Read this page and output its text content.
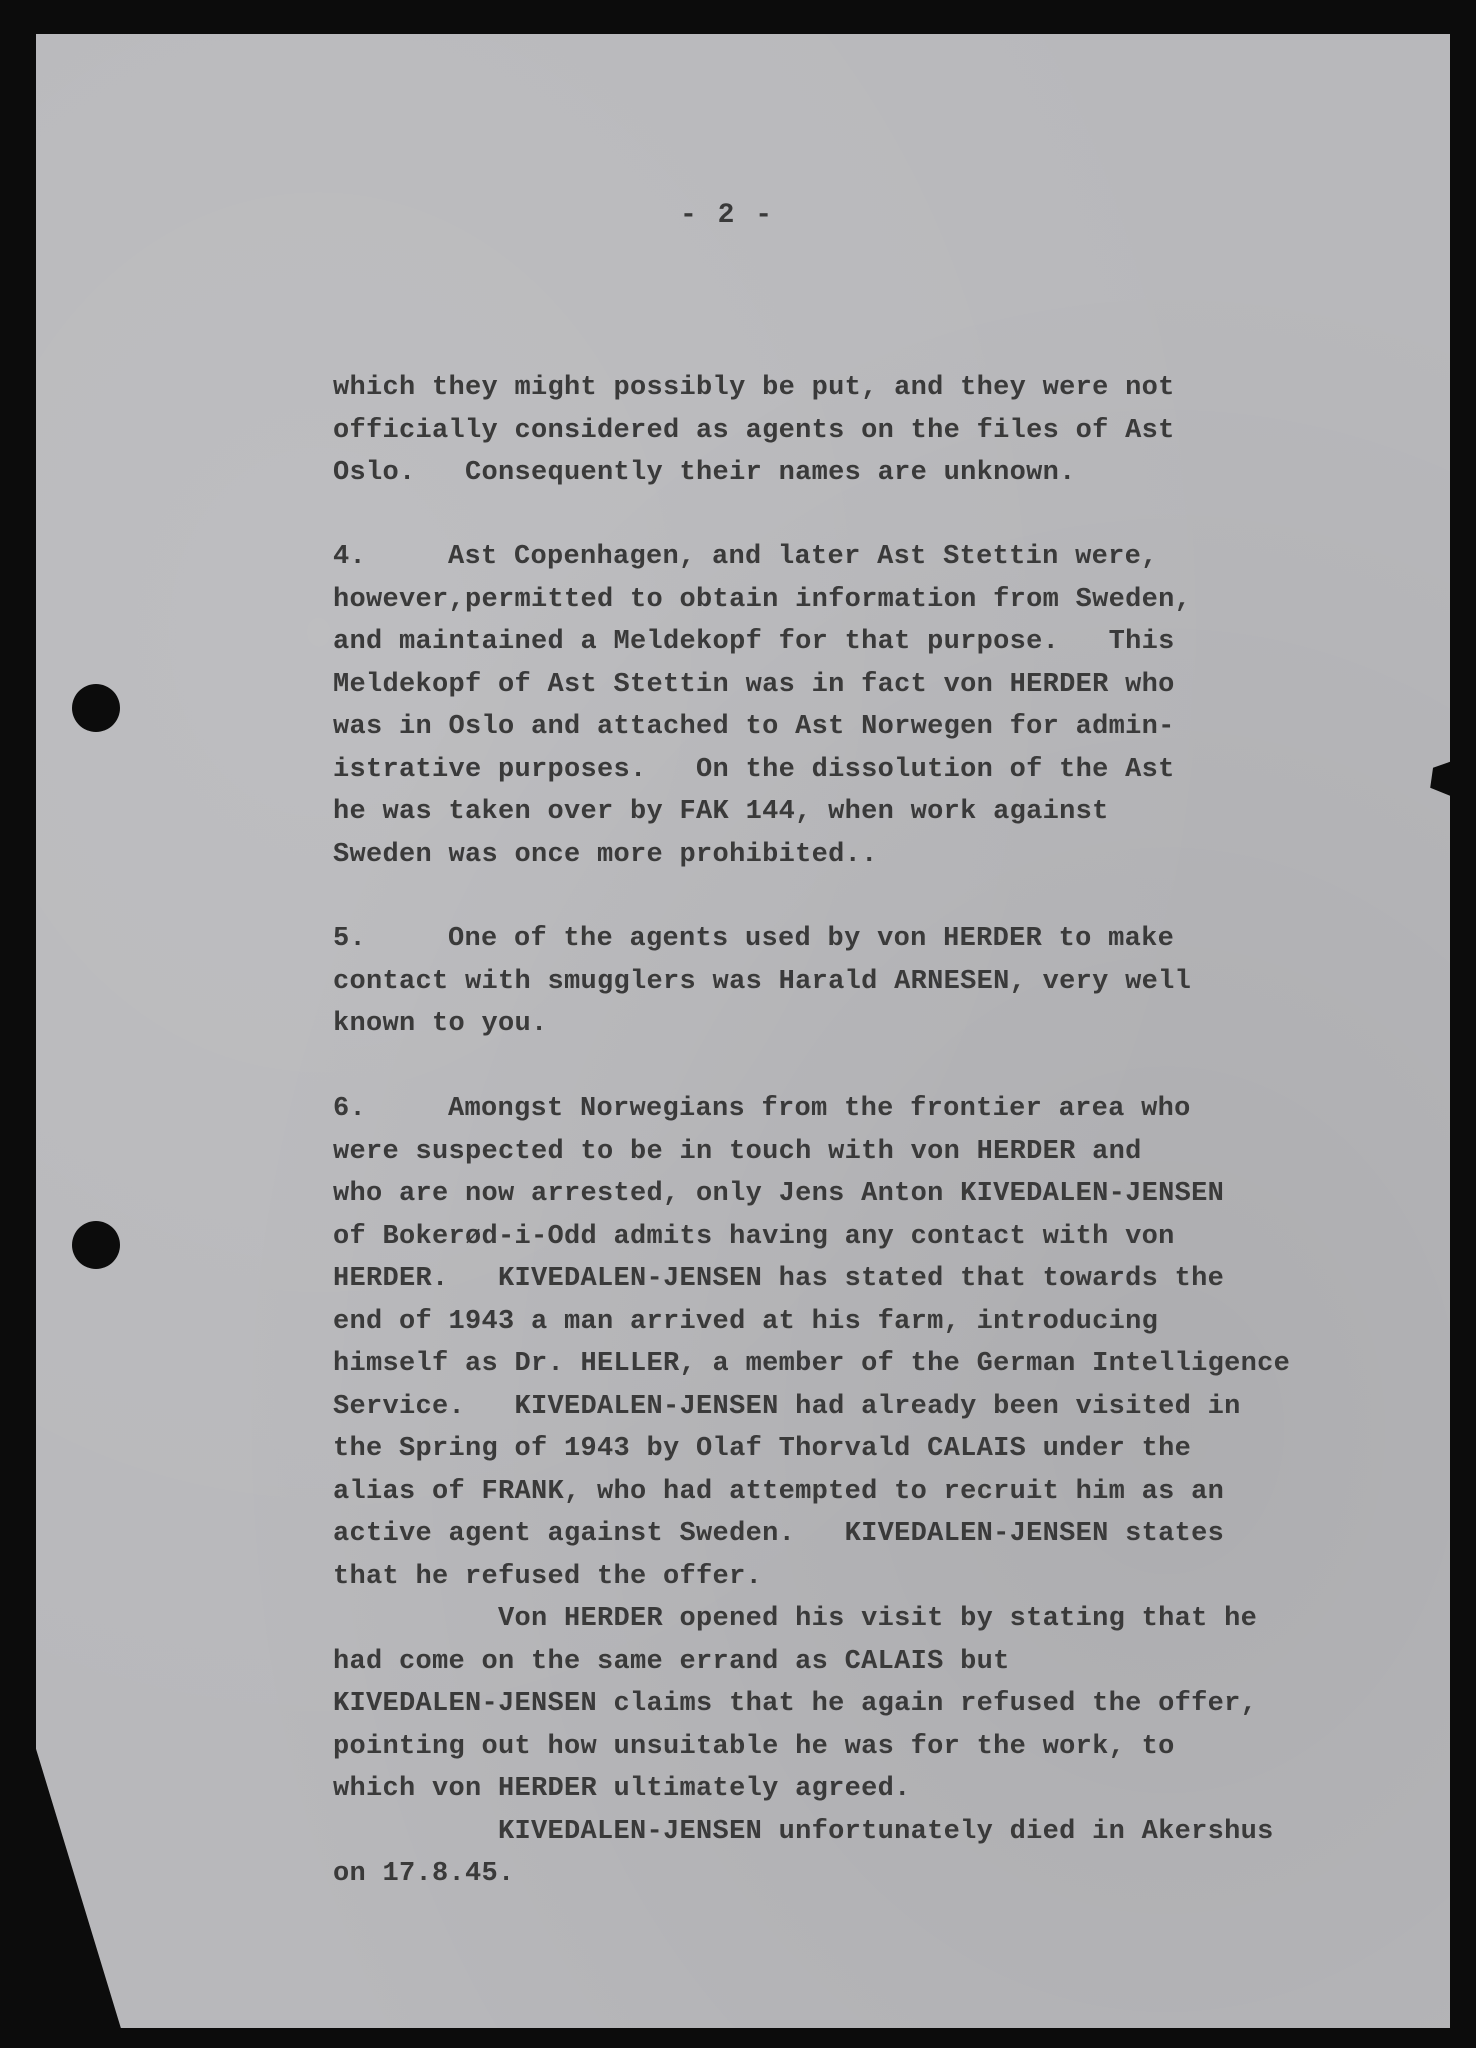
- 2 -
which they might possibly be put, and they were not
officially considered as agents on the files of Ast
Oslo.   Consequently their names are unknown.
4.	Ast Copenhagen, and later Ast Stettin were,
however,permitted to obtain information from Sweden,
and maintained a Meldekopf for that purpose.   This
Meldekopf of Ast Stettin was in fact von HERDER who
was in Oslo and attached to Ast Norwegen for admin-
istrative purposes.   On the dissolution of the Ast
he was taken over by FAK 144, when work against
Sweden was once more prohibited..
5.	One of the agents used by von HERDER to make
contact with smugglers was Harald ARNESEN, very well
known to you.
6.	Amongst Norwegians from the frontier area who
were suspected to be in touch with von HERDER and
who are now arrested, only Jens Anton KIVEDALEN-JENSEN
of Bokerød-i-Odd admits having any contact with von
HERDER.   KIVEDALEN-JENSEN has stated that towards the
end of 1943 a man arrived at his farm, introducing
himself as Dr. HELLER, a member of the German Intelligence
Service.   KIVEDALEN-JENSEN had already been visited in
the Spring of 1943 by Olaf Thorvald CALAIS under the
alias of FRANK, who had attempted to recruit him as an
active agent against Sweden.   KIVEDALEN-JENSEN states
that he refused the offer.
Von HERDER opened his visit by stating that he
had come on the same errand as CALAIS but
KIVEDALEN-JENSEN claims that he again refused the offer,
pointing out how unsuitable he was for the work, to
which von HERDER ultimately agreed.
KIVEDALEN-JENSEN unfortunately died in Akershus
on 17.8.45.
